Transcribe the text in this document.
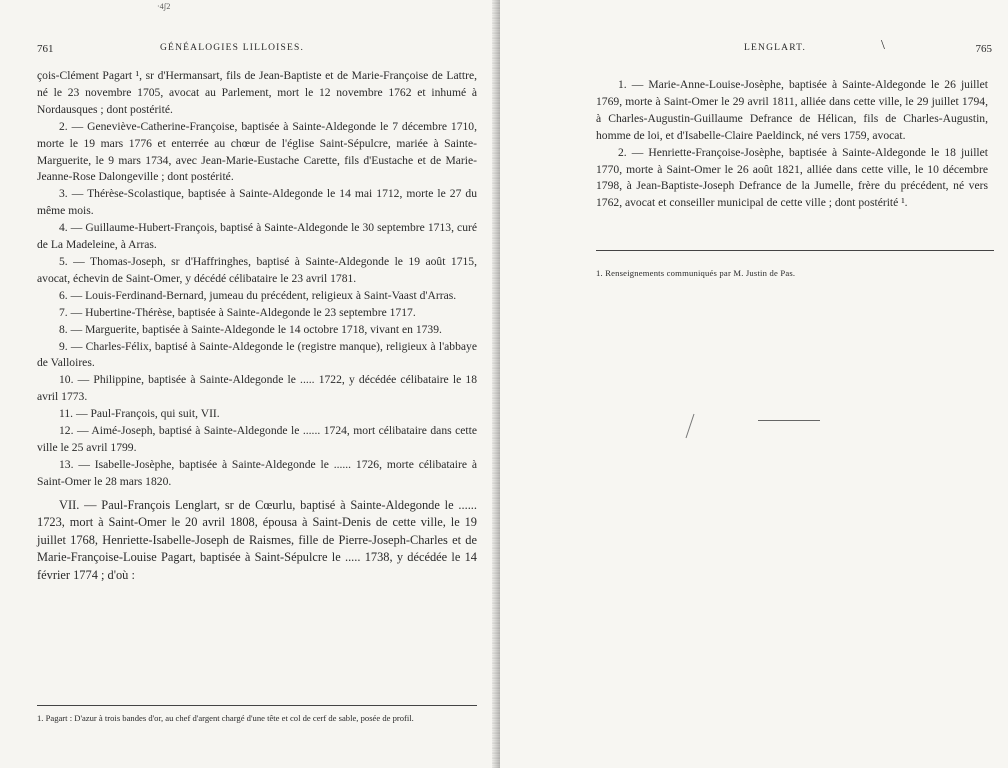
·4ʃ2
761	GÉNÉALOGIES LILLOISES.

çois-Clément Pagart ¹, sr d'Hermansart, fils de Jean-Baptiste et de Marie-Françoise de Lattre, né le 23 novembre 1705, avocat au Parlement, mort le 12 novembre 1762 et inhumé à Nordausques ; dont postérité.

2. — Geneviève-Catherine-Françoise, baptisée à Sainte-Aldegonde le 7 décembre 1710, morte le 19 mars 1776 et enterrée au chœur de l'église Saint-Sépulcre, mariée à Sainte-Marguerite, le 9 mars 1734, avec Jean-Marie-Eustache Carette, fils d'Eustache et de Marie-Jeanne-Rose Dalongeville ; dont postérité.

3. — Thérèse-Scolastique, baptisée à Sainte-Aldegonde le 14 mai 1712, morte le 27 du même mois.

4. — Guillaume-Hubert-François, baptisé à Sainte-Aldegonde le 30 septembre 1713, curé de La Madeleine, à Arras.

5. — Thomas-Joseph, sr d'Haffringhes, baptisé à Sainte-Aldegonde le 19 août 1715, avocat, échevin de Saint-Omer, y décédé célibataire le 23 avril 1781.

6. — Louis-Ferdinand-Bernard, jumeau du précédent, religieux à Saint-Vaast d'Arras.

7. — Hubertine-Thérèse, baptisée à Sainte-Aldegonde le 23 septembre 1717.

8. — Marguerite, baptisée à Sainte-Aldegonde le 14 octobre 1718, vivant en 1739.

9. — Charles-Félix, baptisé à Sainte-Aldegonde le (registre manque), religieux à l'abbaye de Valloires.

10. — Philippine, baptisée à Sainte-Aldegonde le ..... 1722, y décédée célibataire le 18 avril 1773.

11. — Paul-François, qui suit, VII.

12. — Aimé-Joseph, baptisé à Sainte-Aldegonde le ...... 1724, mort célibataire dans cette ville le 25 avril 1799.

13. — Isabelle-Josèphe, baptisée à Sainte-Aldegonde le ...... 1726, morte célibataire à Saint-Omer le 28 mars 1820.

VII. — Paul-François Lenglart, sr de Cœurlu, baptisé à Sainte-Aldegonde le ...... 1723, mort à Saint-Omer le 20 avril 1808, épousa à Saint-Denis de cette ville, le 19 juillet 1768, Henriette-Isabelle-Joseph de Raismes, fille de Pierre-Joseph-Charles et de Marie-Françoise-Louise Pagart, baptisée à Saint-Sépulcre le ..... 1738, y décédée le 14 février 1774 ; d'où :

1. Pagart : D'azur à trois bandes d'or, au chef d'argent chargé d'une tête et col de cerf de sable, posée de profil.
LENGLART.	765

1. — Marie-Anne-Louise-Josèphe, baptisée à Sainte-Aldegonde le 26 juillet 1769, morte à Saint-Omer le 29 avril 1811, alliée dans cette ville, le 29 juillet 1794, à Charles-Augustin-Guillaume Defrance de Hélican, fils de Charles-Augustin, homme de loi, et d'Isabelle-Claire Paeldinck, né vers 1759, avocat.

2. — Henriette-Françoise-Josèphe, baptisée à Sainte-Aldegonde le 18 juillet 1770, morte à Saint-Omer le 26 août 1821, alliée dans cette ville, le 10 décembre 1798, à Jean-Baptiste-Joseph Defrance de la Jumelle, frère du précédent, né vers 1762, avocat et conseiller municipal de cette ville ; dont postérité ¹.

1. Renseignements communiqués par M. Justin de Pas.
\
